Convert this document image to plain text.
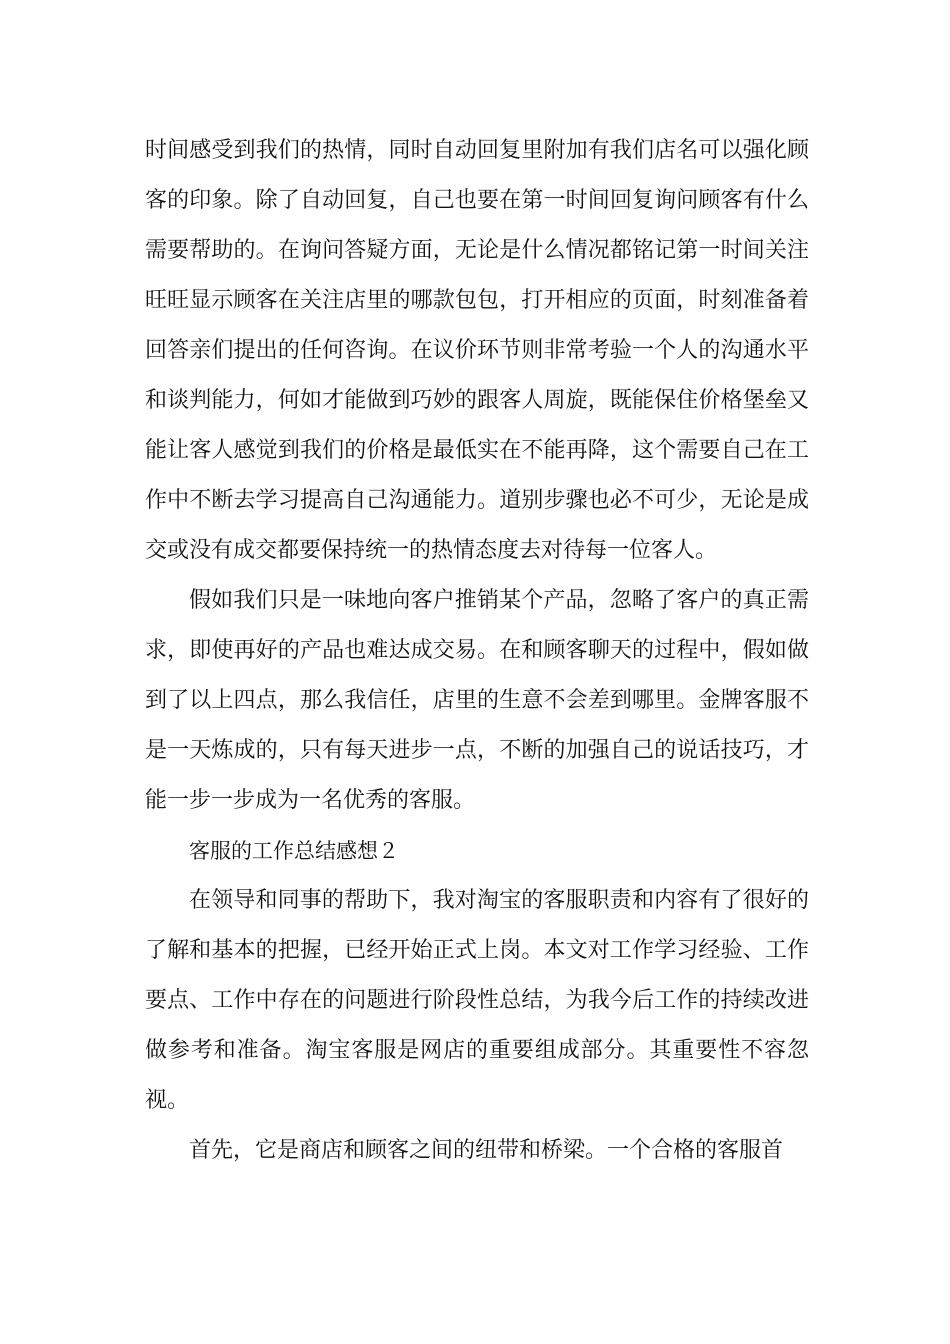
时间感受到我们的热情，同时自动回复里附加有我们店名可以强化顾客的印象。除了自动回复，自己也要在第一时间回复询问顾客有什么需要帮助的。在询问答疑方面，无论是什么情况都铭记第一时间关注旺旺显示顾客在关注店里的哪款包包，打开相应的页面，时刻准备着回答亲们提出的任何咨询。在议价环节则非常考验一个人的沟通水平和谈判能力，何如才能做到巧妙的跟客人周旋，既能保住价格堡垒又能让客人感觉到我们的价格是最低实在不能再降，这个需要自己在工作中不断去学习提高自己沟通能力。道别步骤也必不可少，无论是成交或没有成交都要保持统一的热情态度去对待每一位客人。

假如我们只是一味地向客户推销某个产品，忽略了客户的真正需求，即使再好的产品也难达成交易。在和顾客聊天的过程中，假如做到了以上四点，那么我信任，店里的生意不会差到哪里。金牌客服不是一天炼成的，只有每天进步一点，不断的加强自己的说话技巧，才能一步一步成为一名优秀的客服。

客服的工作总结感想２

在领导和同事的帮助下，我对淘宝的客服职责和内容有了很好的了解和基本的把握，已经开始正式上岗。本文对工作学习经验、工作要点、工作中存在的问题进行阶段性总结，为我今后工作的持续改进做参考和准备。淘宝客服是网店的重要组成部分。其重要性不容忽视。

首先，它是商店和顾客之间的纽带和桥梁。一个合格的客服首
